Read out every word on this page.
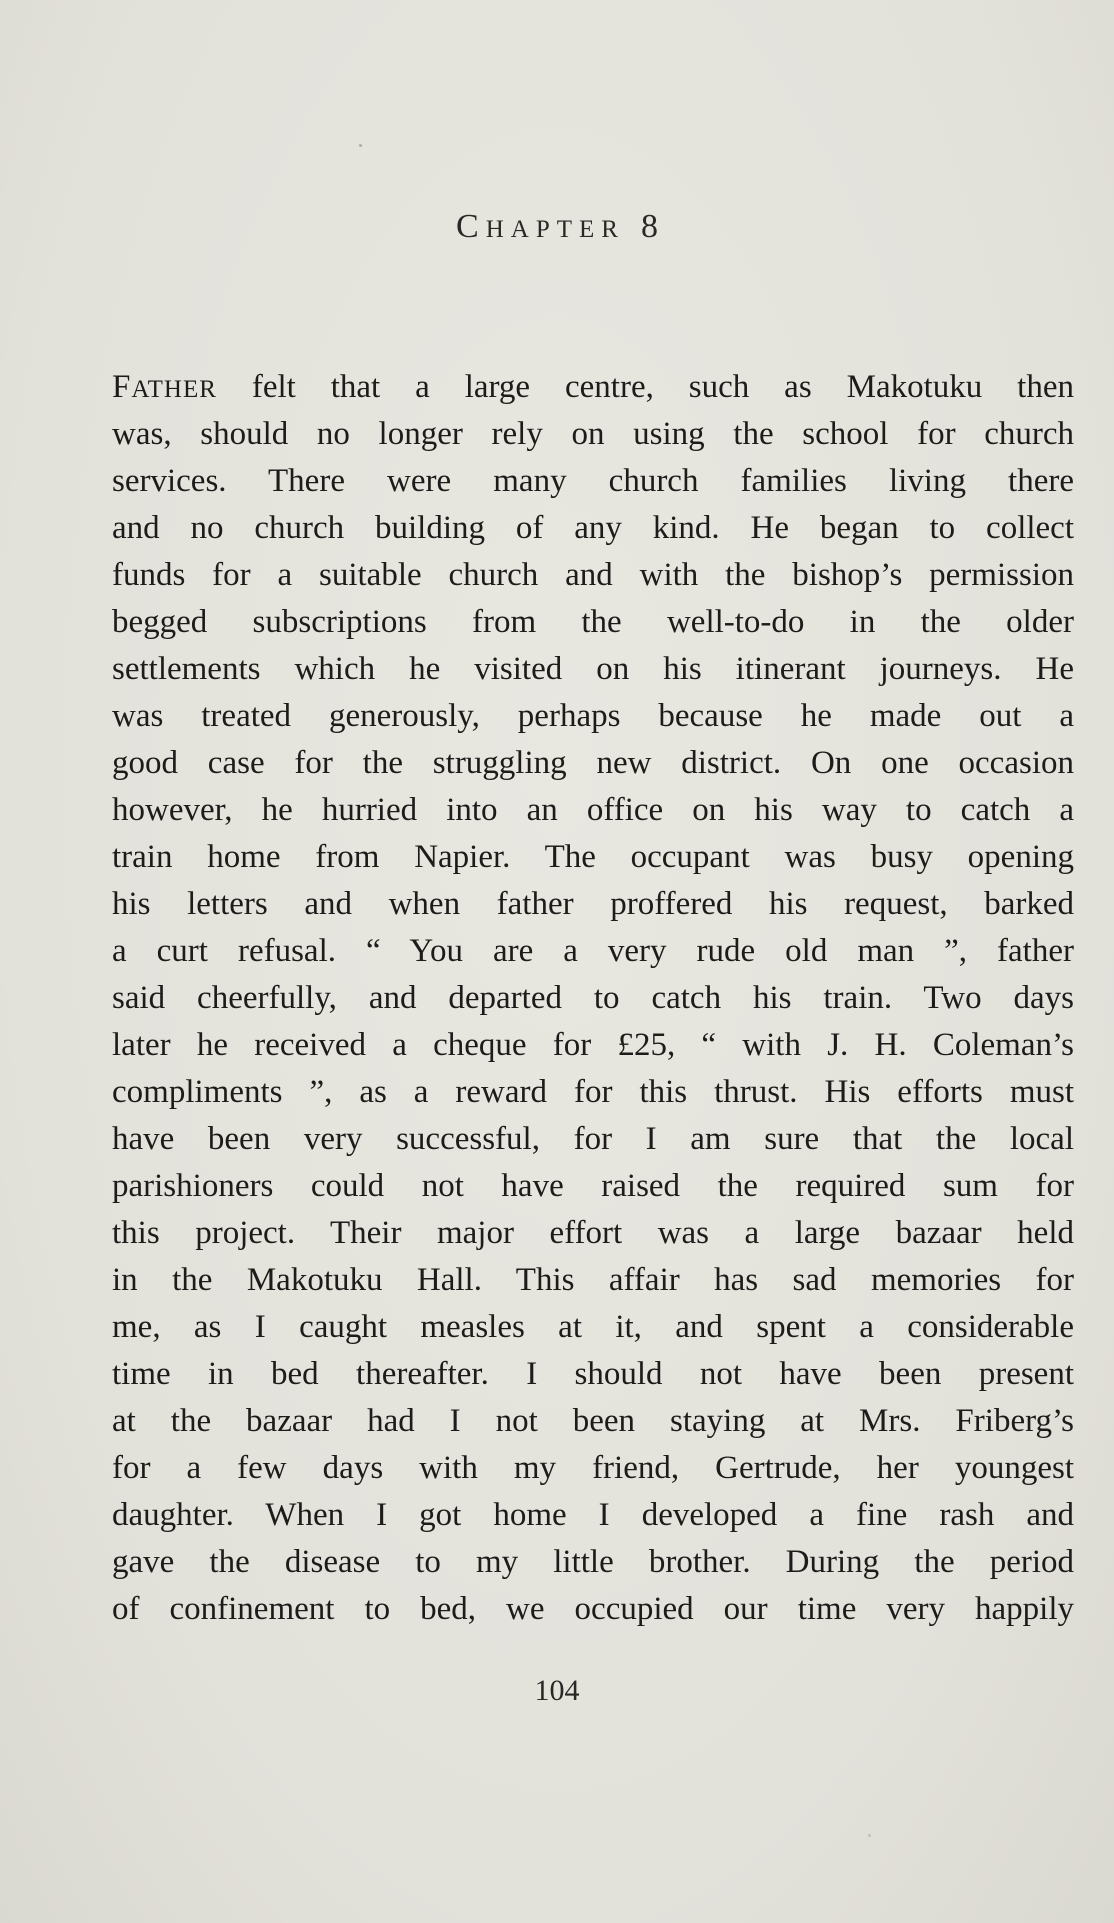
CHAPTER 8
FATHER felt that a large centre, such as Makotuku then
was, should no longer rely on using the school for church
services. There were many church families living there
and no church building of any kind. He began to collect
funds for a suitable church and with the bishop’s permission
begged subscriptions from the well-to-do in the older
settlements which he visited on his itinerant journeys. He
was treated generously, perhaps because he made out a
good case for the struggling new district. On one occasion
however, he hurried into an office on his way to catch a
train home from Napier. The occupant was busy opening
his letters and when father proffered his request, barked
a curt refusal. “ You are a very rude old man ”, father
said cheerfully, and departed to catch his train. Two days
later he received a cheque for £25, “ with J. H. Coleman’s
compliments ”, as a reward for this thrust. His efforts must
have been very successful, for I am sure that the local
parishioners could not have raised the required sum for
this project. Their major effort was a large bazaar held
in the Makotuku Hall. This affair has sad memories for
me, as I caught measles at it, and spent a considerable
time in bed thereafter. I should not have been present
at the bazaar had I not been staying at Mrs. Friberg’s
for a few days with my friend, Gertrude, her youngest
daughter. When I got home I developed a fine rash and
gave the disease to my little brother. During the period
of confinement to bed, we occupied our time very happily
104
